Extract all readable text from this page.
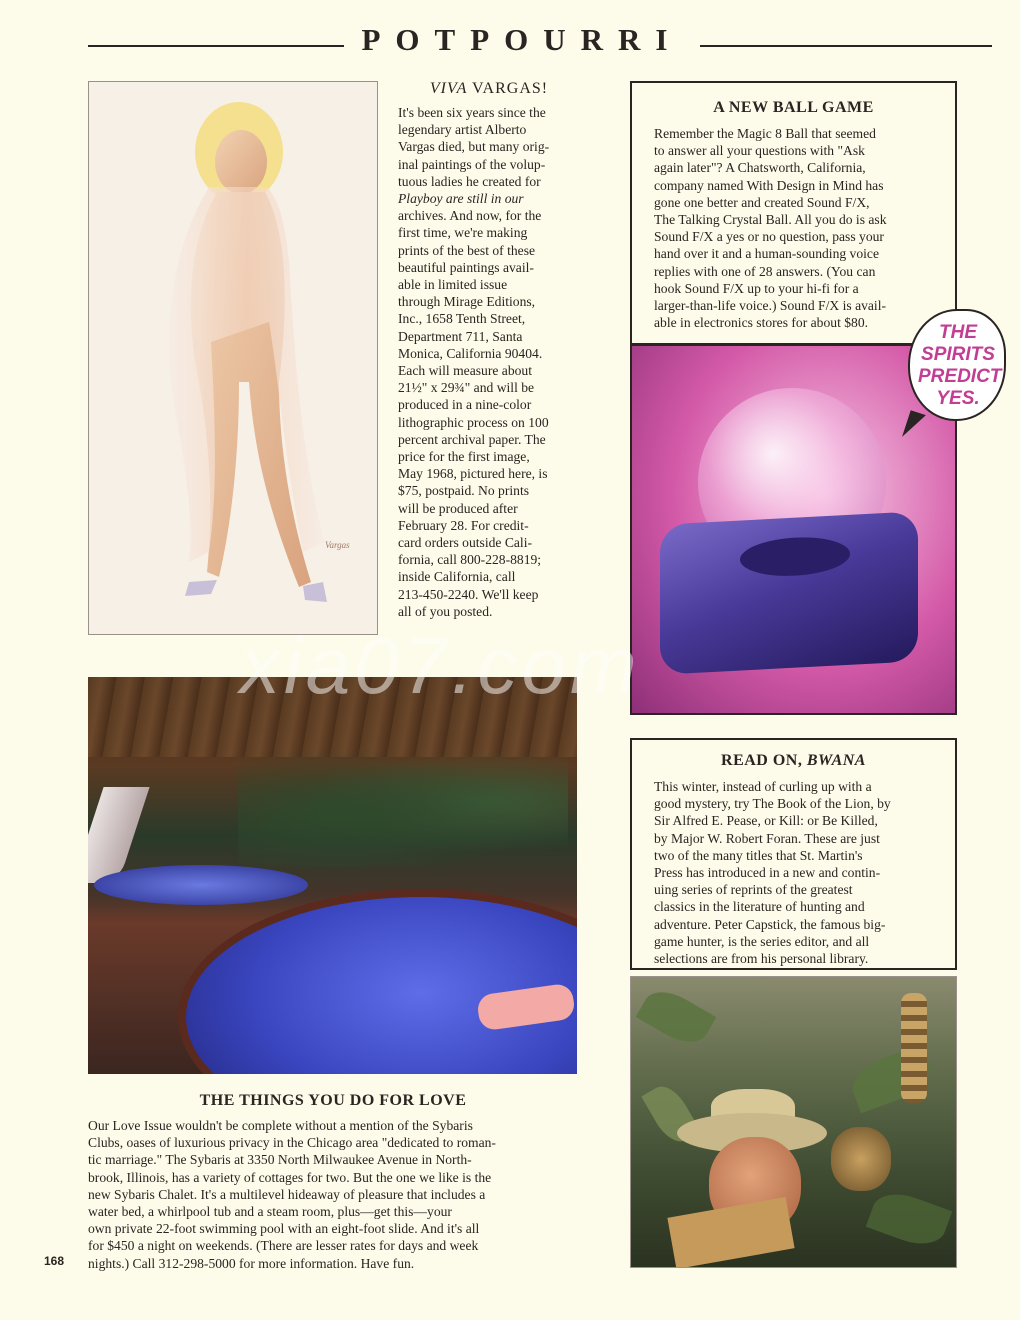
POTPOURRI
Vargas
VIVA VARGAS!
It's been six years since the
legendary artist Alberto
Vargas died, but many orig-
inal paintings of the volup-
tuous ladies he created for
Playboy are still in our
archives. And now, for the
first time, we're making
prints of the best of these
beautiful paintings avail-
able in limited issue
through Mirage Editions,
Inc., 1658 Tenth Street,
Department 711, Santa
Monica, California 90404.
Each will measure about
21½" x 29¾" and will be
produced in a nine-color
lithographic process on 100
percent archival paper. The
price for the first image,
May 1968, pictured here, is
$75, postpaid. No prints
will be produced after
February 28. For credit-
card orders outside Cali-
fornia, call 800-228-8819;
inside California, call
213-450-2240. We'll keep
all of you posted.
A NEW BALL GAME
Remember the Magic 8 Ball that seemed
to answer all your questions with "Ask
again later"? A Chatsworth, California,
company named With Design in Mind has
gone one better and created Sound F/X,
The Talking Crystal Ball. All you do is ask
Sound F/X a yes or no question, pass your
hand over it and a human-sounding voice
replies with one of 28 answers. (You can
hook Sound F/X up to your hi-fi for a
larger-than-life voice.) Sound F/X is avail-
able in electronics stores for about $80.	THE
SPIRITS
PREDICT
YES.
xia07.com
READ ON, BWANA
This winter, instead of curling up with a
good mystery, try The Book of the Lion, by
Sir Alfred E. Pease, or Kill: or Be Killed,
by Major W. Robert Foran. These are just
two of the many titles that St. Martin's
Press has introduced in a new and contin-
uing series of reprints of the greatest
classics in the literature of hunting and
adventure. Peter Capstick, the famous big-
game hunter, is the series editor, and all
selections are from his personal library.
THE THINGS YOU DO FOR LOVE
Our Love Issue wouldn't be complete without a mention of the Sybaris
Clubs, oases of luxurious privacy in the Chicago area "dedicated to roman-
tic marriage." The Sybaris at 3350 North Milwaukee Avenue in North-
brook, Illinois, has a variety of cottages for two. But the one we like is the
new Sybaris Chalet. It's a multilevel hideaway of pleasure that includes a
water bed, a whirlpool tub and a steam room, plus—get this—your
own private 22-foot swimming pool with an eight-foot slide. And it's all
for $450 a night on weekends. (There are lesser rates for days and week
nights.) Call 312-298-5000 for more information. Have fun.
168
